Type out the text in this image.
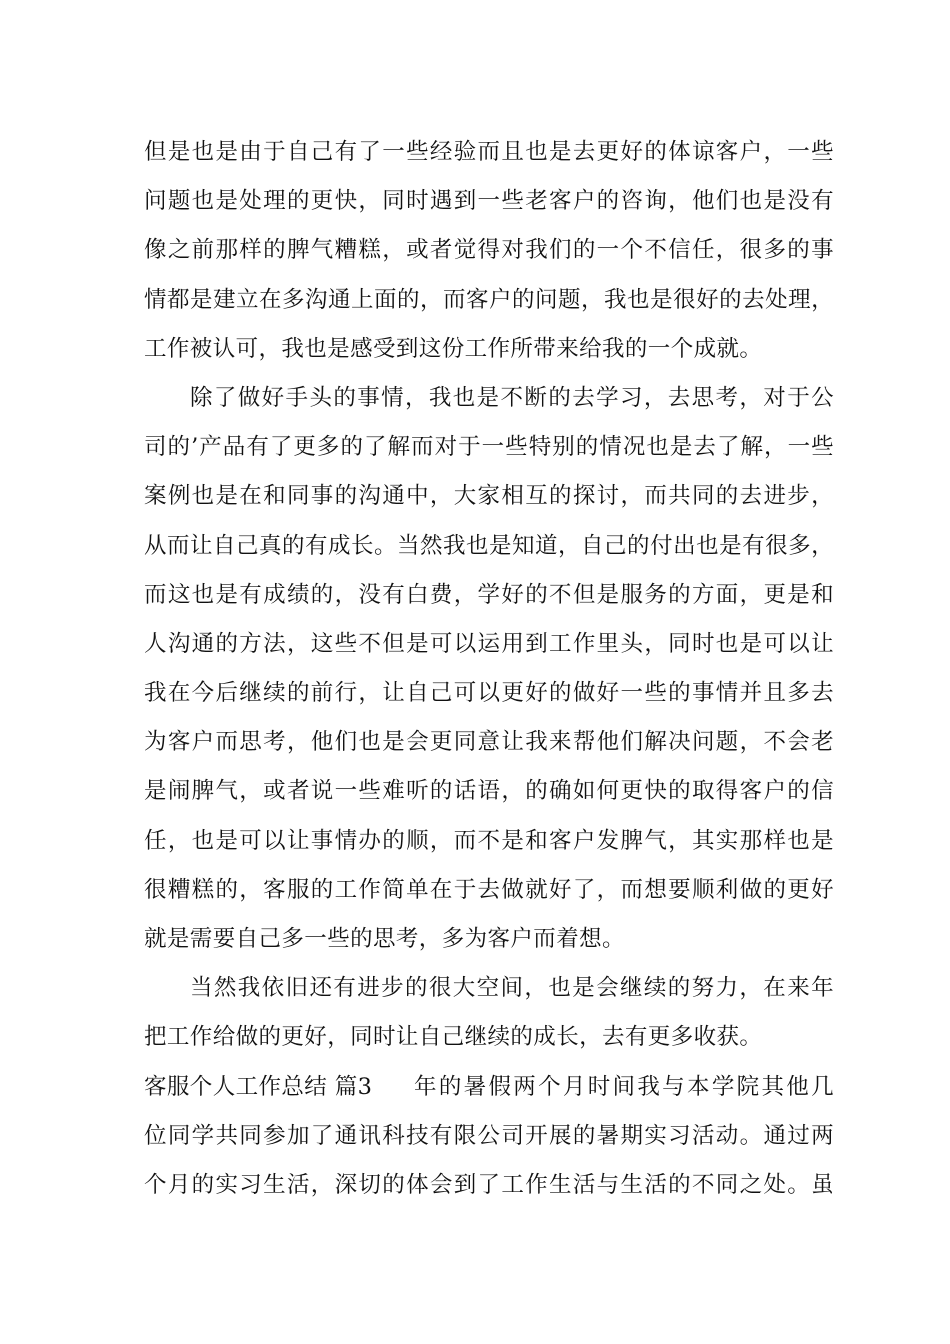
但是也是由于自己有了一些经验而且也是去更好的体谅客户，一些
问题也是处理的更快，同时遇到一些老客户的咨询，他们也是没有
像之前那样的脾气糟糕，或者觉得对我们的一个不信任，很多的事
情都是建立在多沟通上面的，而客户的问题，我也是很好的去处理，
工作被认可，我也是感受到这份工作所带来给我的一个成就。
除了做好手头的事情，我也是不断的去学习，去思考，对于公
司的’产品有了更多的了解而对于一些特别的情况也是去了解，一些
案例也是在和同事的沟通中，大家相互的探讨，而共同的去进步，
从而让自己真的有成长。当然我也是知道，自己的付出也是有很多，
而这也是有成绩的，没有白费，学好的不但是服务的方面，更是和
人沟通的方法，这些不但是可以运用到工作里头，同时也是可以让
我在今后继续的前行，让自己可以更好的做好一些的事情并且多去
为客户而思考，他们也是会更同意让我来帮他们解决问题，不会老
是闹脾气，或者说一些难听的话语，的确如何更快的取得客户的信
任，也是可以让事情办的顺，而不是和客户发脾气，其实那样也是
很糟糕的，客服的工作简单在于去做就好了，而想要顺利做的更好
就是需要自己多一些的思考，多为客户而着想。
当然我依旧还有进步的很大空间，也是会继续的努力，在来年
把工作给做的更好，同时让自己继续的成长，去有更多收获。
客服个人工作总结 篇3	年的暑假两个月时间我与本学院其他几
位同学共同参加了通讯科技有限公司开展的暑期实习活动。通过两
个月的实习生活，深切的体会到了工作生活与生活的不同之处。虽
